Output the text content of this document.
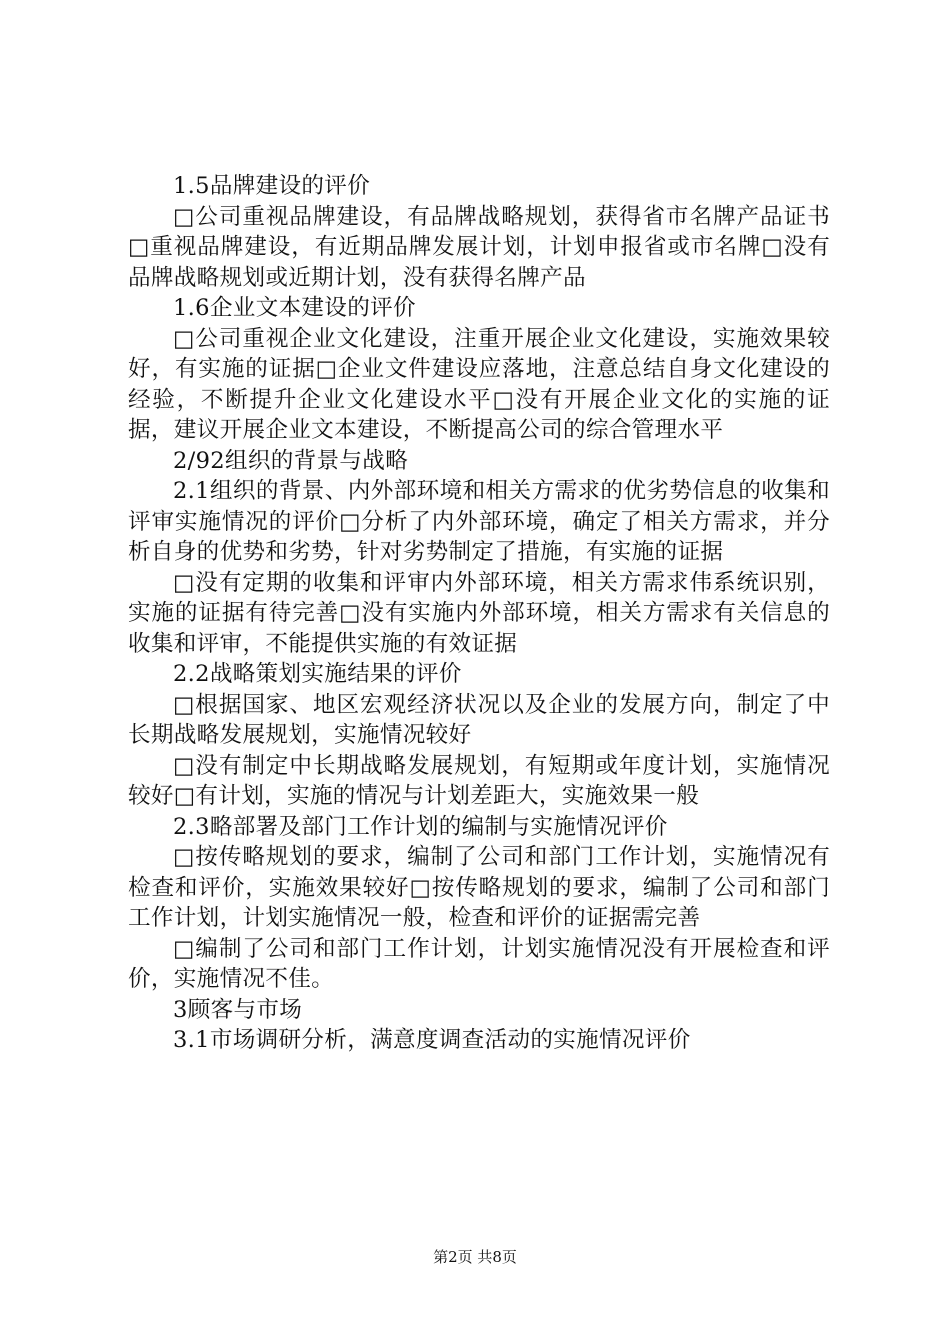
1.5品牌建设的评价

□公司重视品牌建设，有品牌战略规划，获得省市名牌产品证书□重视品牌建设，有近期品牌发展计划，计划申报省或市名牌□没有品牌战略规划或近期计划，没有获得名牌产品

1.6企业文本建设的评价

□公司重视企业文化建设，注重开展企业文化建设，实施效果较好，有实施的证据□企业文件建设应落地，注意总结自身文化建设的经验，不断提升企业文化建设水平□没有开展企业文化的实施的证据，建议开展企业文本建设，不断提高公司的综合管理水平

2/92组织的背景与战略

2.1组织的背景、内外部环境和相关方需求的优劣势信息的收集和评审实施情况的评价□分析了内外部环境，确定了相关方需求，并分析自身的优势和劣势，针对劣势制定了措施，有实施的证据

□没有定期的收集和评审内外部环境，相关方需求伟系统识别，实施的证据有待完善□没有实施内外部环境，相关方需求有关信息的收集和评审，不能提供实施的有效证据

2.2战略策划实施结果的评价

□根据国家、地区宏观经济状况以及企业的发展方向，制定了中长期战略发展规划，实施情况较好

□没有制定中长期战略发展规划，有短期或年度计划，实施情况较好□有计划，实施的情况与计划差距大，实施效果一般

2.3略部署及部门工作计划的编制与实施情况评价

□按传略规划的要求，编制了公司和部门工作计划，实施情况有检查和评价，实施效果较好□按传略规划的要求，编制了公司和部门工作计划，计划实施情况一般，检查和评价的证据需完善

□编制了公司和部门工作计划，计划实施情况没有开展检查和评价，实施情况不佳。

3顾客与市场

3.1市场调研分析，满意度调查活动的实施情况评价

第2页 共8页
